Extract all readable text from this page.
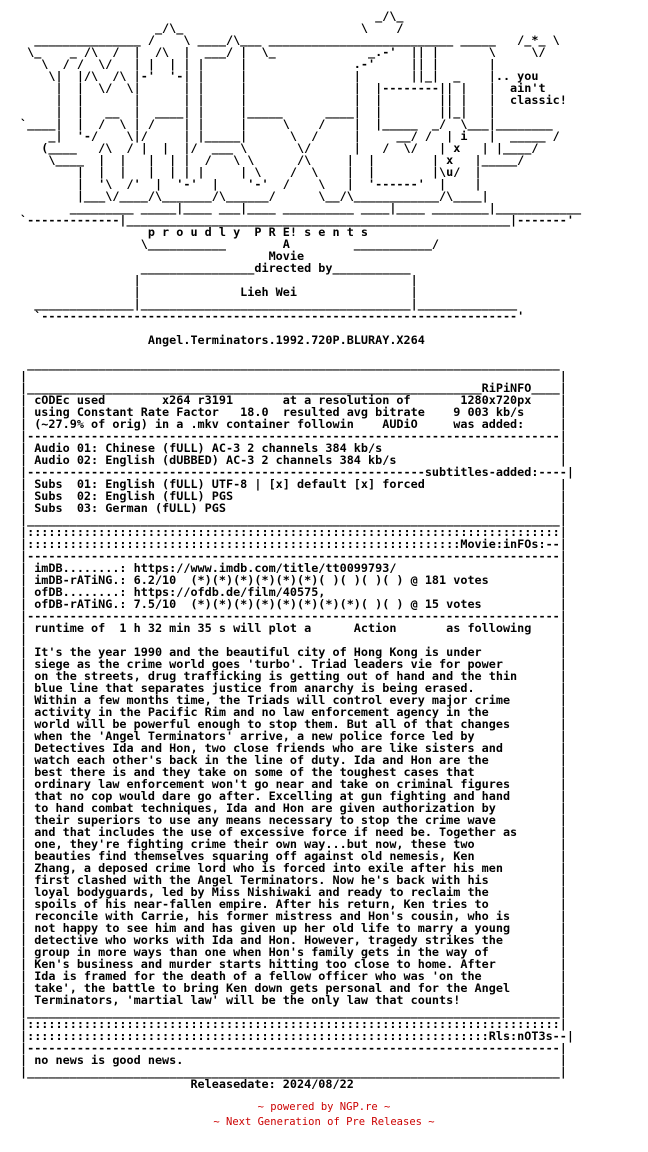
_/\_
_/\_                         \    /
_______________ /    \ ____/\___ __________________________ _____   /_*_ \
\_    _ /\  /  |  /\  |  ___/ |  \_             _.-'  || |       \     \/
\  / /  \/   | |  | | |     |               .-'     || |       |
\|  |/\  /\ |-'  '-| |     |               |       ||_|  _    |.. you
|  |  \/  \|      | |     |               |  |--------|| |   |  ain't
|  |       |      | |     |               |  |        || |   |  classic!
|  |   __  |  ____| |     |_____      ____|  |        ||_|   |
`____|  |  /  \ | /    | |     |     \    /    |  |_____  _/  \___|________
_|  '-/    \|/     | |_____|      \  /     |     __/ /  | i   |  _____ /
(____   /\  / |  |  |/  ___ \       \/      |   /  \/   | x   | |____/
\____  |  |   |  | |  /   \ \      /\     |  |        | x   |_____/
|  |  |   |  | | |     | \    /  \    |  |        |\u/  |
|  '\  /'  |  '-'  |    '-'  /    \   |  '------'  |    |
|___\/____/\_______/\______/      \__/\____________/\____|
_________ _____|____ ___|____ __________ ____|____ ________|____________
`-------------|______________________________________________________|-------'
p r o u d l y  P R E! s e n t s
\___________        A         ___________/
Movie
________________directed by___________
|                                      |
|              Lieh Wei                |
______________|______________________________________|______________
`-------------------------------------------------------------------'

Angel.Terminators.1992.720P.BLURAY.X264

___________________________________________________________________________
|                                                                           |
|________________________________________________________________RiPiNFO____|
| cODEc used        x264 r3191       at a resolution of       1280x720px    |
| using Constant Rate Factor   18.0  resulted avg bitrate    9 003 kb/s     |
| (~27.9% of orig) in a .mkv container followin    AUDiO     was added:     |
|---------------------------------------------------------------------------|
| Audio 01: Chinese (fULL) AC-3 2 channels 384 kb/s                         |
| Audio 02: English (dUBBED) AC-3 2 channels 384 kb/s                       |
|--------------------------------------------------------subtitles-added:----|
| Subs  01: English (fULL) UTF-8 | [x] default [x] forced                   |
| Subs  02: English (fULL) PGS                                              |
| Subs  03: German (fULL) PGS                                               |
|___________________________________________________________________________|
|:::::::::::::::::::::::::::::::::::::::::::::::::::::::::::::::::::::::::::|
|:::::::::::::::::::::::::::::::::::::::::::::::::::::::::::::Movie:inFOs:--|
|---------------------------------------------------------------------------|
| imDB........: https://www.imdb.com/title/tt0099793/                       |
| imDB-rATiNG.: 6.2/10  (*)(*)(*)(*)(*)(*)( )( )( )( ) @ 181 votes          |
| ofDB........: https://ofdb.de/film/40575,                                 |
| ofDB-rATiNG.: 7.5/10  (*)(*)(*)(*)(*)(*)(*)(*)( )( ) @ 15 votes           |
|---------------------------------------------------------------------------|
| runtime of  1 h 32 min 35 s will plot a      Action       as following    |
|                                                                           |
| It's the year 1990 and the beautiful city of Hong Kong is under           |
| siege as the crime world goes 'turbo'. Triad leaders vie for power        |
| on the streets, drug trafficking is getting out of hand and the thin      |
| blue line that separates justice from anarchy is being erased.            |
| Within a few months time, the Triads will control every major crime       |
| activity in the Pacific Rim and no law enforcement agency in the          |
| world will be powerful enough to stop them. But all of that changes       |
| when the 'Angel Terminators' arrive, a new police force led by            |
| Detectives Ida and Hon, two close friends who are like sisters and        |
| watch each other's back in the line of duty. Ida and Hon are the          |
| best there is and they take on some of the toughest cases that            |
| ordinary law enforcement won't go near and take on criminal figures       |
| that no cop would dare go after. Excelling at gun fighting and hand       |
| to hand combat techniques, Ida and Hon are given authorization by         |
| their superiors to use any means necessary to stop the crime wave         |
| and that includes the use of excessive force if need be. Together as      |
| one, they're fighting crime their own way...but now, these two            |
| beauties find themselves squaring off against old nemesis, Ken            |
| Zhang, a deposed crime lord who is forced into exile after his men        |
| first clashed with the Angel Terminators. Now he's back with his          |
| loyal bodyguards, led by Miss Nishiwaki and ready to reclaim the          |
| spoils of his near-fallen empire. After his return, Ken tries to          |
| reconcile with Carrie, his former mistress and Hon's cousin, who is       |
| not happy to see him and has given up her old life to marry a young       |
| detective who works with Ida and Hon. However, tragedy strikes the        |
| group in more ways than one when Hon's family gets in the way of          |
| Ken's business and murder starts hitting too close to home. After         |
| Ida is framed for the death of a fellow officer who was 'on the           |
| take', the battle to bring Ken down gets personal and for the Angel       |
| Terminators, 'martial law' will be the only law that counts!              |
|___________________________________________________________________________|
|:::::::::::::::::::::::::::::::::::::::::::::::::::::::::::::::::::::::::::|
|:::::::::::::::::::::::::::::::::::::::::::::::::::::::::::::::::Rls:nOT3s--|
|---------------------------------------------------------------------------|
| no news is good news.                                                     |
|___________________________________________________________________________|
Releasedate: 2024/08/22
~ powered by NGP.re ~
~ Next Generation of Pre Releases ~
